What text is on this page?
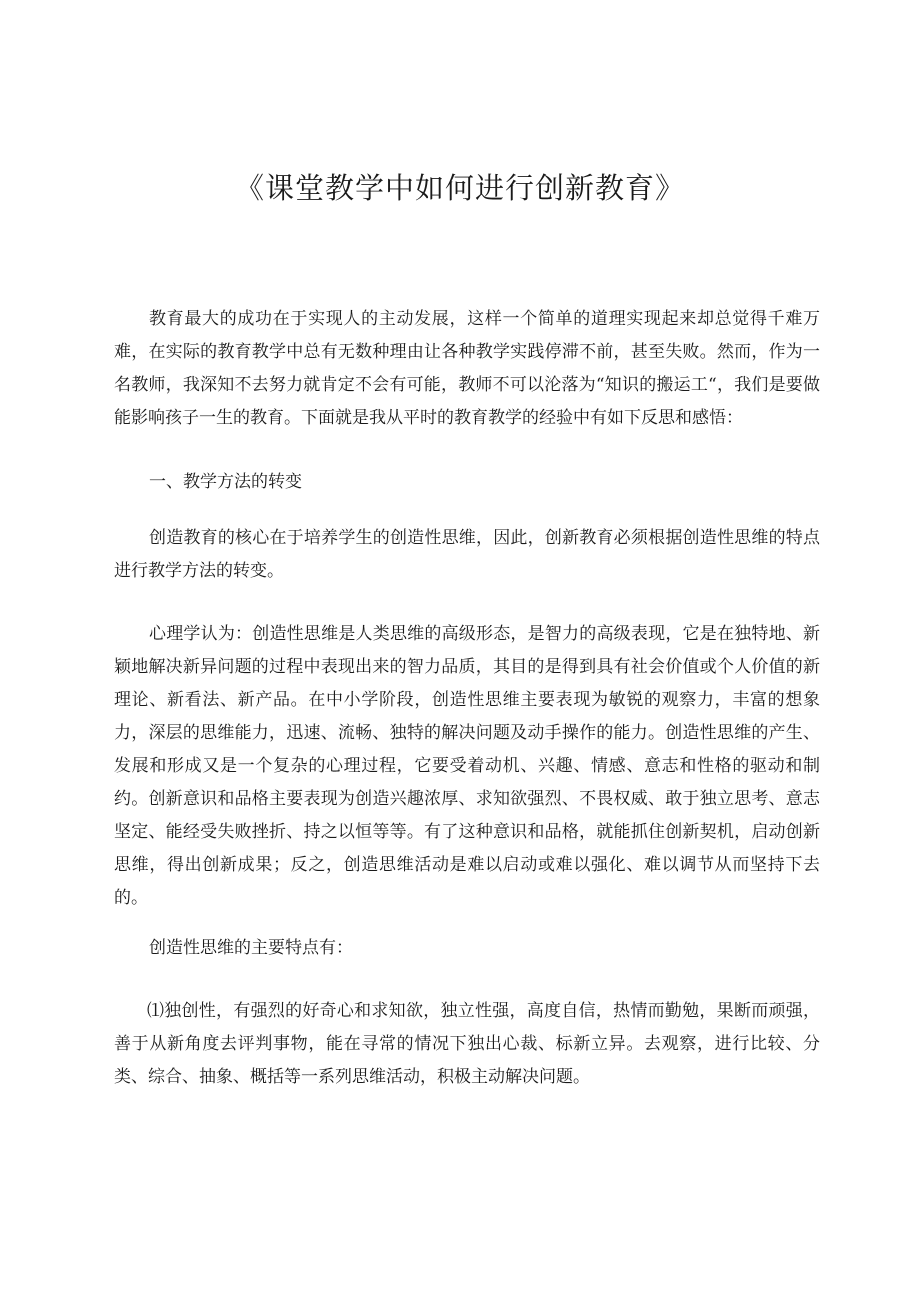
《课堂教学中如何进行创新教育》

教育最大的成功在于实现人的主动发展，这样一个简单的道理实现起来却总觉得千难万难，在实际的教育教学中总有无数种理由让各种教学实践停滞不前，甚至失败。然而，作为一名教师，我深知不去努力就肯定不会有可能，教师不可以沦落为“知识的搬运工“，我们是要做能影响孩子一生的教育。下面就是我从平时的教育教学的经验中有如下反思和感悟：

一、教学方法的转变

创造教育的核心在于培养学生的创造性思维，因此，创新教育必须根据创造性思维的特点进行教学方法的转变。

心理学认为：创造性思维是人类思维的高级形态，是智力的高级表现，它是在独特地、新颖地解决新异问题的过程中表现出来的智力品质，其目的是得到具有社会价值或个人价值的新理论、新看法、新产品。在中小学阶段，创造性思维主要表现为敏锐的观察力，丰富的想象力，深层的思维能力，迅速、流畅、独特的解决问题及动手操作的能力。创造性思维的产生、发展和形成又是一个复杂的心理过程，它要受着动机、兴趣、情感、意志和性格的驱动和制约。创新意识和品格主要表现为创造兴趣浓厚、求知欲强烈、不畏权威、敢于独立思考、意志坚定、能经受失败挫折、持之以恒等等。有了这种意识和品格，就能抓住创新契机，启动创新思维，得出创新成果；反之，创造思维活动是难以启动或难以强化、难以调节从而坚持下去的。

创造性思维的主要特点有：

⑴独创性，有强烈的好奇心和求知欲，独立性强，高度自信，热情而勤勉，果断而顽强，善于从新角度去评判事物，能在寻常的情况下独出心裁、标新立异。去观察，进行比较、分类、综合、抽象、概括等一系列思维活动，积极主动解决问题。
